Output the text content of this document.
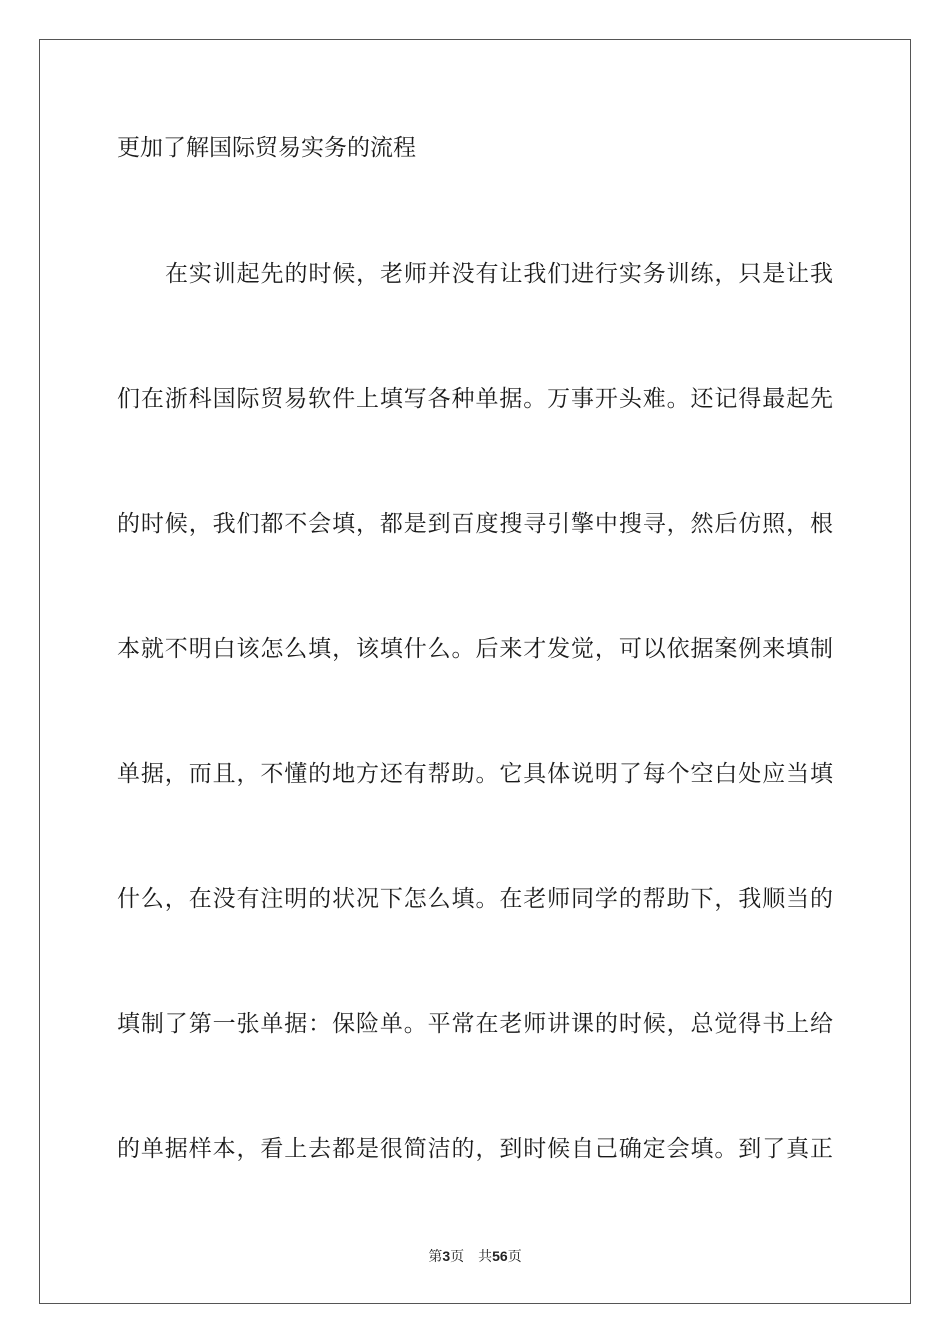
更加了解国际贸易实务的流程
在实训起先的时候，老师并没有让我们进行实务训练，只是让我
们在浙科国际贸易软件上填写各种单据。万事开头难。还记得最起先
的时候，我们都不会填，都是到百度搜寻引擎中搜寻，然后仿照，根
本就不明白该怎么填，该填什么。后来才发觉，可以依据案例来填制
单据，而且，不懂的地方还有帮助。它具体说明了每个空白处应当填
什么，在没有注明的状况下怎么填。在老师同学的帮助下，我顺当的
填制了第一张单据：保险单。平常在老师讲课的时候，总觉得书上给
的单据样本，看上去都是很简洁的，到时候自己确定会填。到了真正
第3页 共56页
